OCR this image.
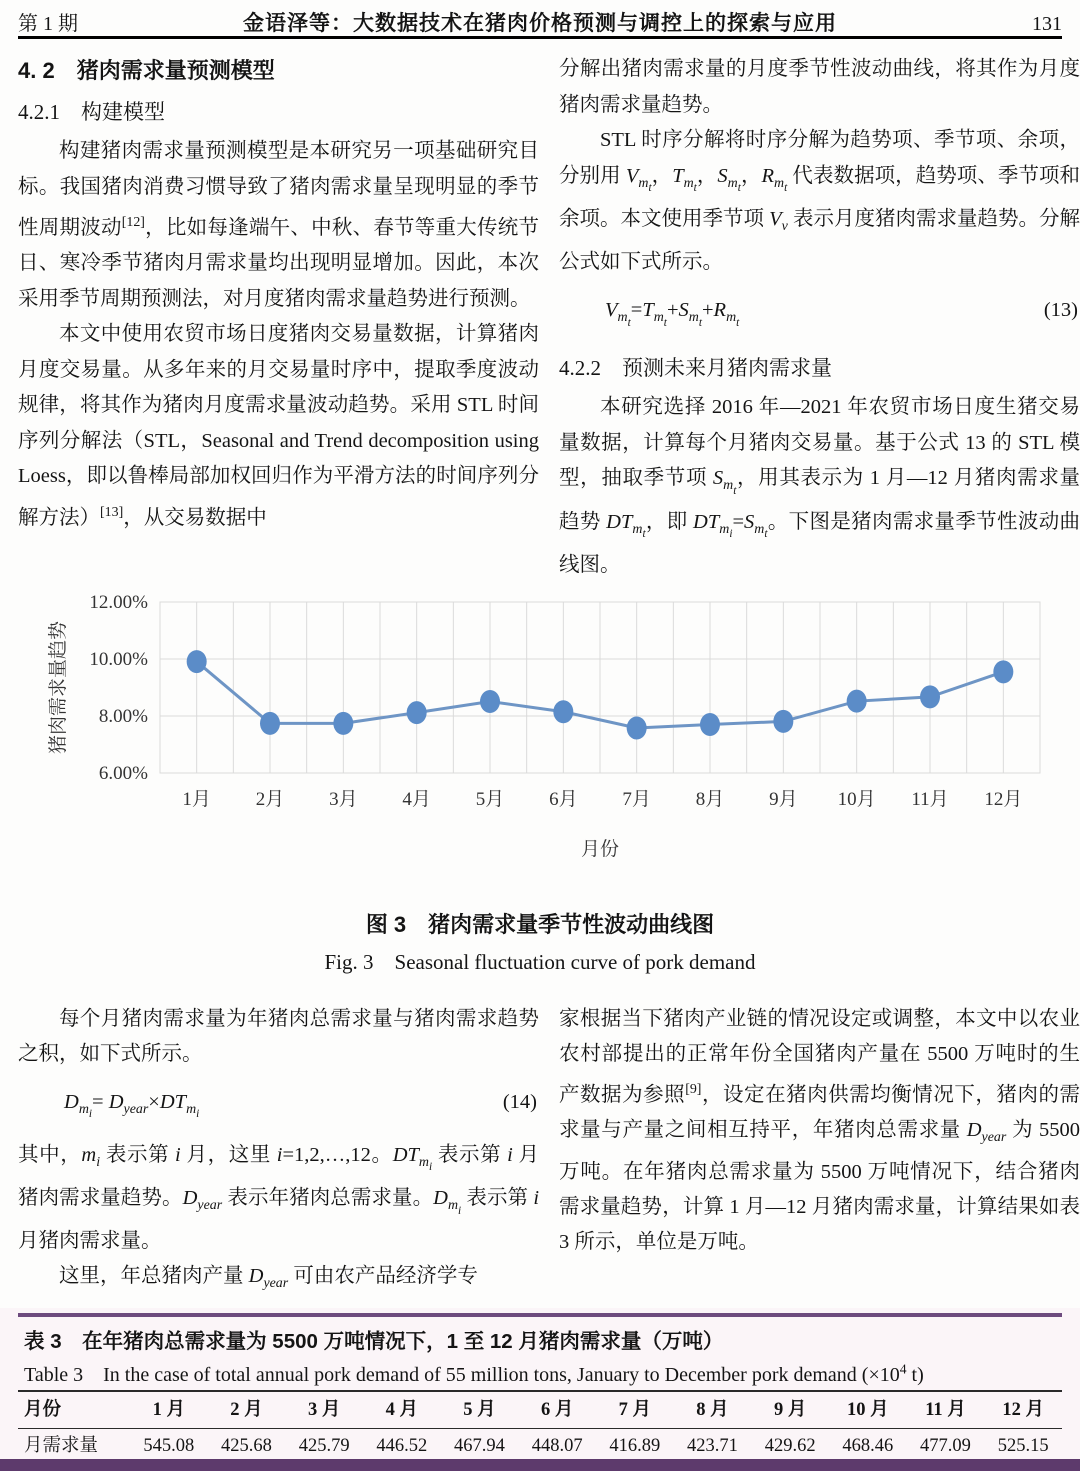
第 1 期	金语泽等：大数据技术在猪肉价格预测与调控上的探索与应用	131
4. 2　猪肉需求量预测模型
4.2.1　构建模型
构建猪肉需求量预测模型是本研究另一项基础研究目标。我国猪肉消费习惯导致了猪肉需求量呈现明显的季节性周期波动[12]，比如每逢端午、中秋、春节等重大传统节日、寒冷季节猪肉月需求量均出现明显增加。因此，本次采用季节周期预测法，对月度猪肉需求量趋势进行预测。
本文中使用农贸市场日度猪肉交易量数据，计算猪肉月度交易量。从多年来的月交易量时序中，提取季度波动规律，将其作为猪肉月度需求量波动趋势。采用 STL 时间序列分解法（STL，Seasonal and Trend decomposition using Loess，即以鲁棒局部加权回归作为平滑方法的时间序列分解方法）[13]，从交易数据中
分解出猪肉需求量的月度季节性波动曲线，将其作为月度猪肉需求量趋势。
STL 时序分解将时序分解为趋势项、季节项、余项，分别用 $V_{mt}$，$T_{mt}$，$S_{mt}$，$R_{mt}$ 代表数据项，趋势项、季节项和余项。本文使用季节项 $V_v$ 表示月度猪肉需求量趋势。分解公式如下式所示。
$V_{mt}=T_{mt}+S_{mt}+R_{mt}$
(13)
4.2.2　预测未来月猪肉需求量
本研究选择 2016 年—2021 年农贸市场日度生猪交易量数据，计算每个月猪肉交易量。基于公式 13 的 STL 模型，抽取季节项 $S_{mt}$，用其表示为 1 月—12 月猪肉需求量趋势 $DT_{mt}$，即 $DT_{mi}=S_{mt}$。下图是猪肉需求量季节性波动曲线图。
6.00%
8.00%
10.00%
12.00%
1月 2月 3月 4月 5月 6月 7月 8月 9月 10月 11月 12月
猪肉需求量趋势
月份
图 3　猪肉需求量季节性波动曲线图
Fig. 3　Seasonal fluctuation curve of pork demand
每个月猪肉需求量为年猪肉总需求量与猪肉需求趋势之积，如下式所示。
$D_{mi}= D_{year}\times DT_{mi}$
(14)
其中，$m_i$ 表示第 i 月，这里 i=1,2,…,12。$DT_{mi}$ 表示第 i 月猪肉需求量趋势。$D_{year}$ 表示年猪肉总需求量。$D_{mi}$ 表示第 i 月猪肉需求量。
这里，年总猪肉产量 $D_{year}$ 可由农产品经济学专
家根据当下猪肉产业链的情况设定或调整，本文中以农业农村部提出的正常年份全国猪肉产量在 5500 万吨时的生产数据为参照[9]，设定在猪肉供需均衡情况下，猪肉的需求量与产量之间相互持平，年猪肉总需求量 $D_{year}$ 为 5500 万吨。在年猪肉总需求量为 5500 万吨情况下，结合猪肉需求量趋势，计算 1 月—12 月猪肉需求量，计算结果如表 3 所示，单位是万吨。
表 3　在年猪肉总需求量为 5500 万吨情况下，1 至 12 月猪肉需求量（万吨）
Table 3　In the case of total annual pork demand of 55 million tons, January to December pork demand ($\times 10^4$ t)
月份	1 月	2 月	3 月	4 月	5 月	6 月	7 月	8 月	9 月	10 月	11 月	12 月
月需求量	545.08	425.68	425.79	446.52	467.94	448.07	416.89	423.71	429.62	468.46	477.09	525.15
